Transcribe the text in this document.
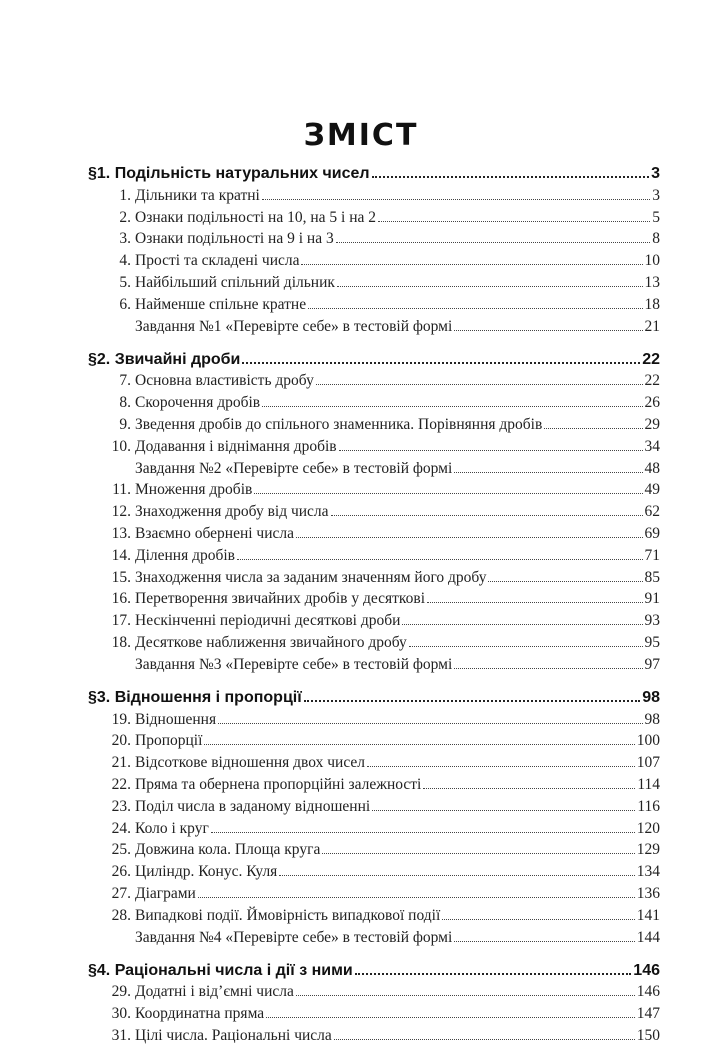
ЗМІСТ
§1. Подільність натуральних чисел	3
1. Дільники та кратні	3
2. Ознаки подільності на 10, на 5 і на 2	5
3. Ознаки подільності на 9 і на 3	8
4. Прості та складені числа	10
5. Найбільший спільний дільник	13
6. Найменше спільне кратне	18
Завдання №1 «Перевірте себе» в тестовій формі	21
§2. Звичайні дроби	22
7. Основна властивість дробу	22
8. Скорочення дробів	26
9. Зведення дробів до спільного знаменника. Порівняння дробів	29
10. Додавання і віднімання дробів	34
Завдання №2 «Перевірте себе» в тестовій формі	48
11. Множення дробів	49
12. Знаходження дробу від числа	62
13. Взаємно обернені числа	69
14. Ділення дробів	71
15. Знаходження числа за заданим значенням його дробу	85
16. Перетворення звичайних дробів у десяткові	91
17. Нескінченні періодичні десяткові дроби	93
18. Десяткове наближення звичайного дробу	95
Завдання №3 «Перевірте себе» в тестовій формі	97
§3. Відношення і пропорції	98
19. Відношення	98
20. Пропорції	100
21. Відсоткове відношення двох чисел	107
22. Пряма та обернена пропорційні залежності	114
23. Поділ числа в заданому відношенні	116
24. Коло і круг	120
25. Довжина кола. Площа круга	129
26. Циліндр. Конус. Куля	134
27. Діаграми	136
28. Випадкові події. Ймовірність випадкової події	141
Завдання №4 «Перевірте себе» в тестовій формі	144
§4. Раціональні числа і дії з ними	146
29. Додатні і від’ємні числа	146
30. Координатна пряма	147
31. Цілі числа. Раціональні числа	150
